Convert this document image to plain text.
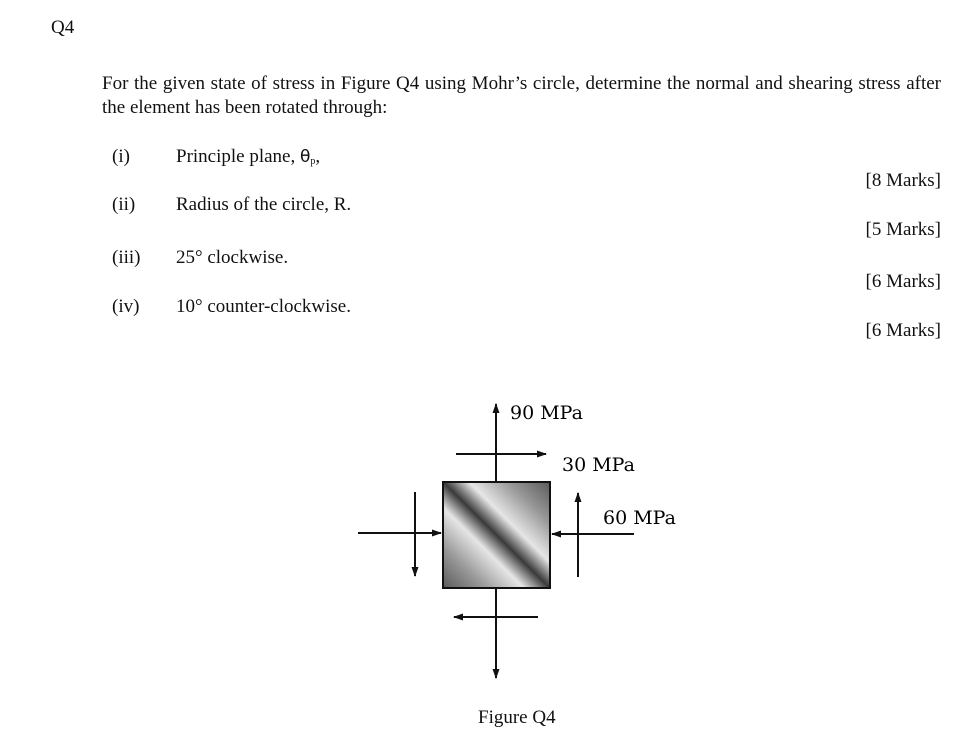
Q4
For the given state of stress in Figure Q4 using Mohr’s circle, determine the normal and shearing stress after the element has been rotated through:
(i) Principle plane, $\theta_p$,
[8 Marks]
(ii) Radius of the circle, R.
[5 Marks]
(iii) 25° clockwise.
[6 Marks]
(iv) 10° counter-clockwise.
[6 Marks]
90 MPa
30 MPa
60 MPa
Figure Q4
